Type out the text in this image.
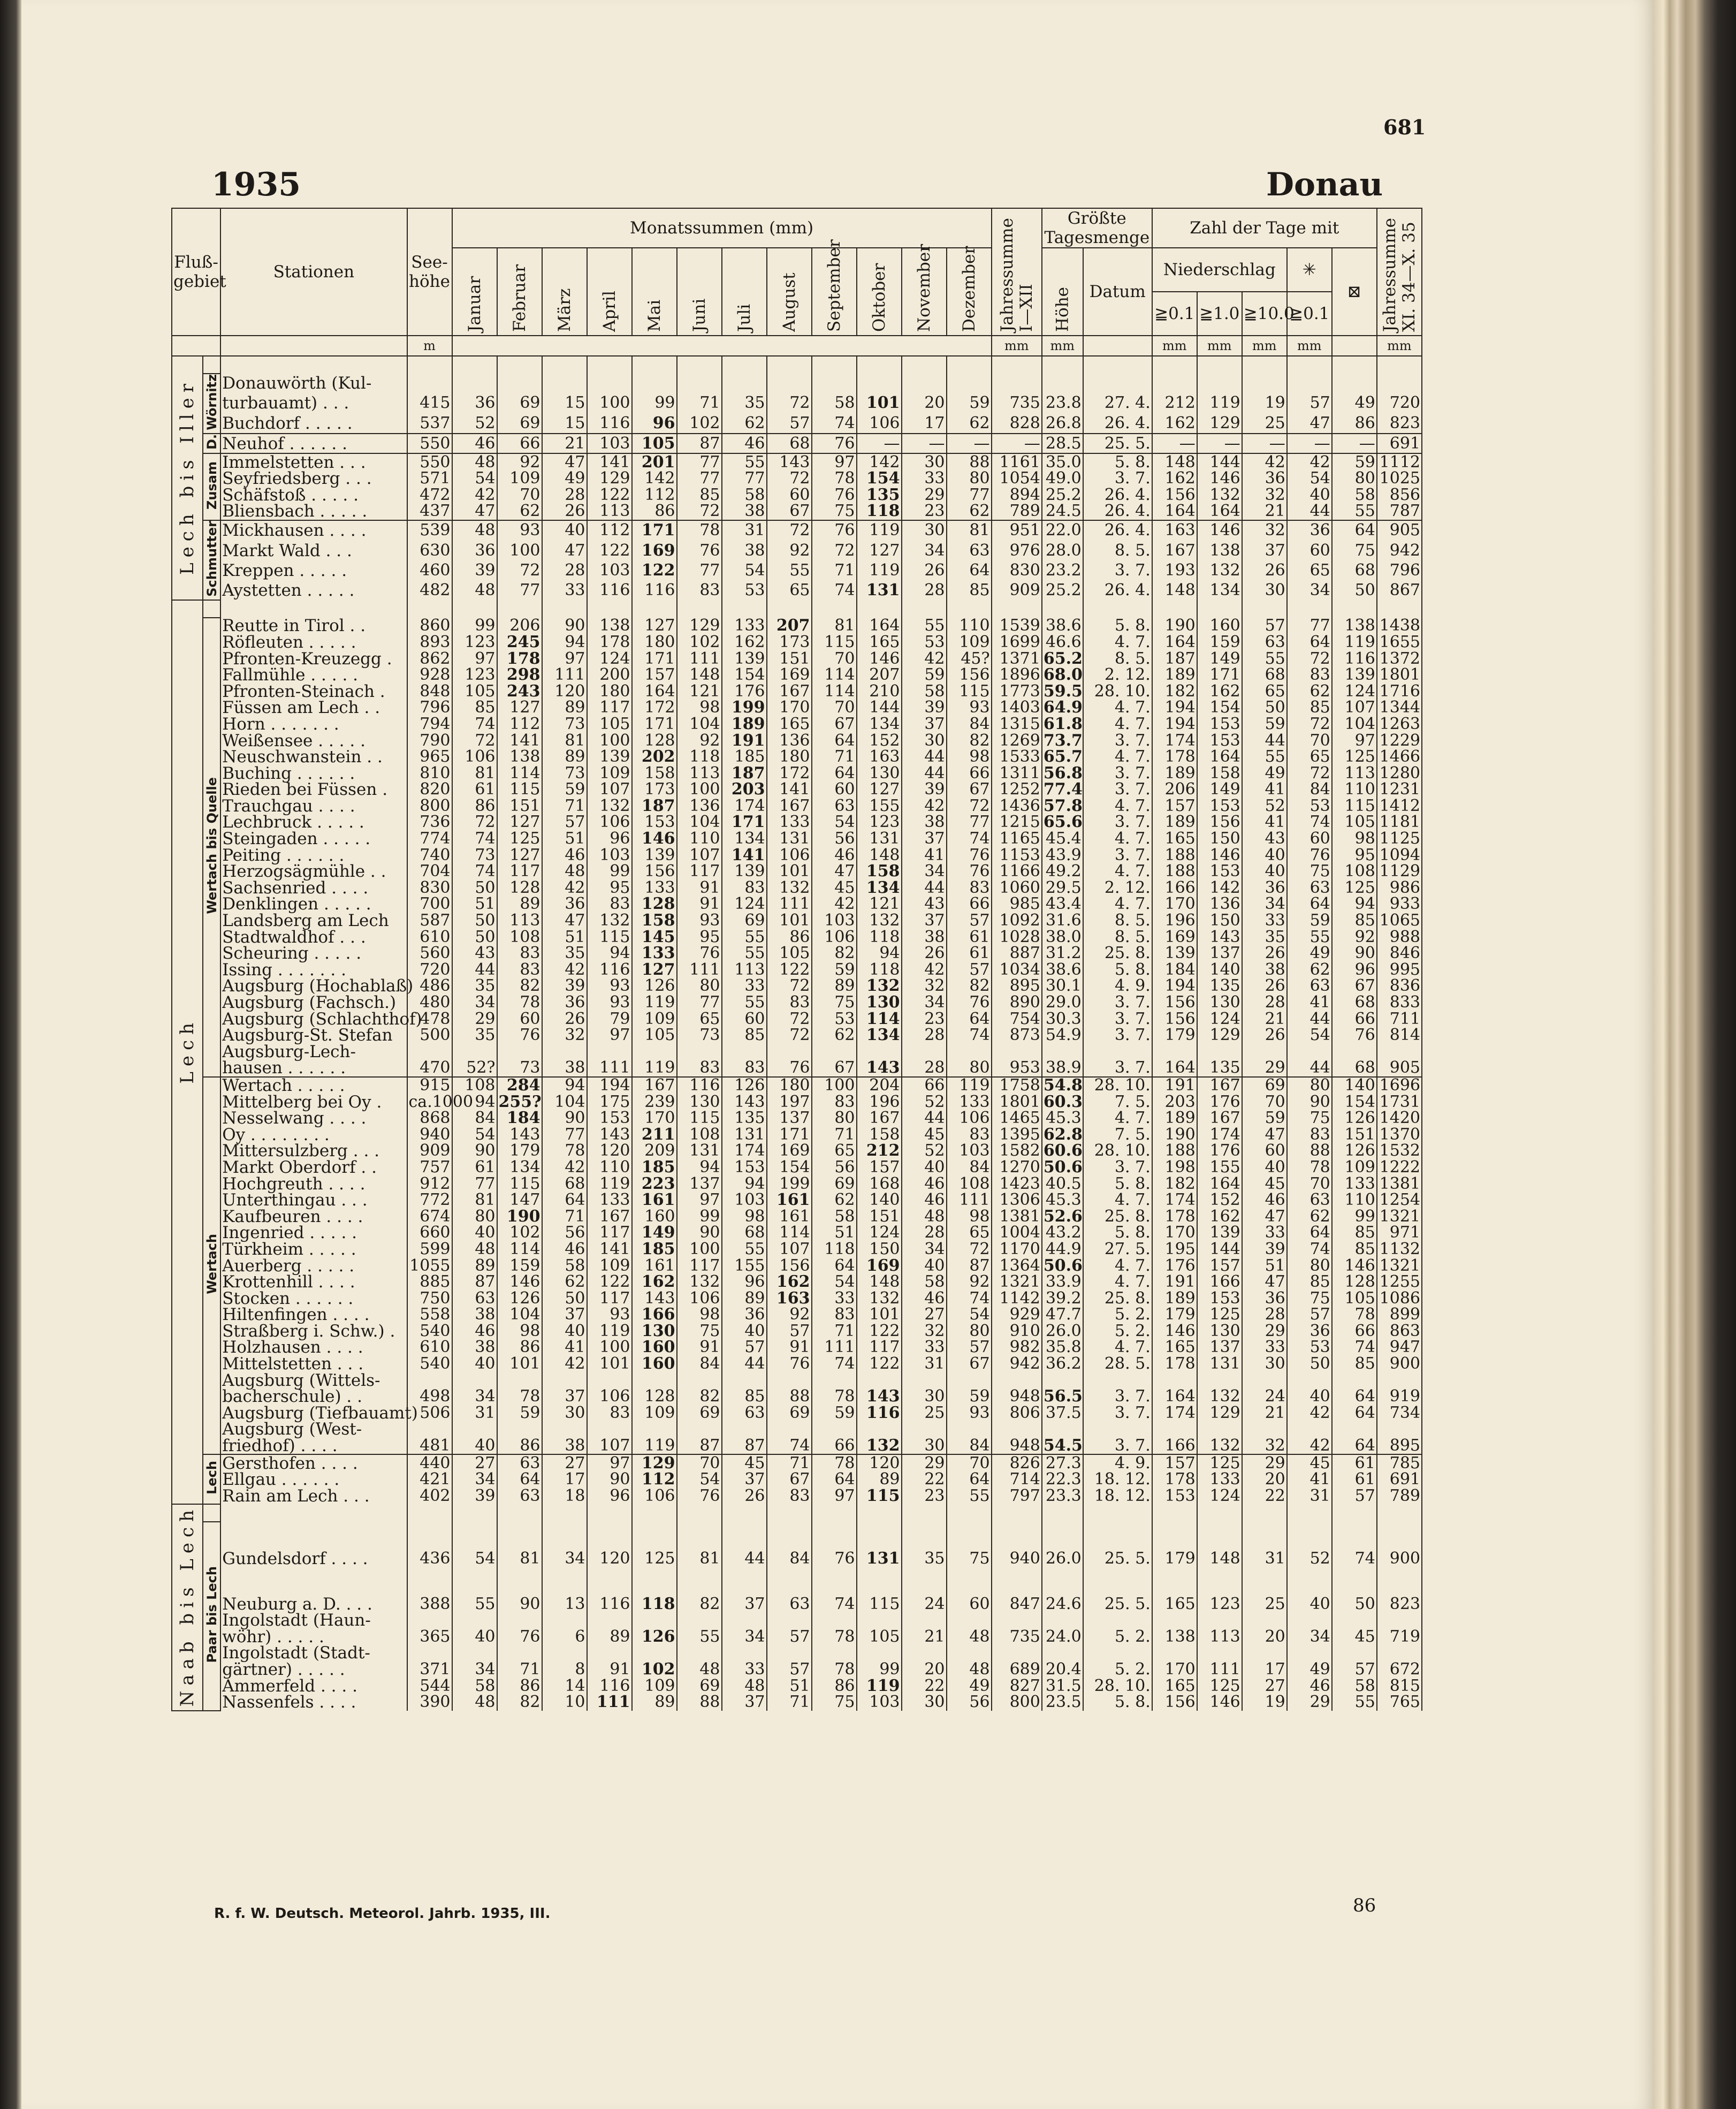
681
1935	Donau
Fluß-
gebiet		Stationen	See-
höhe	Monatssummen (mm)												Jahressumme I—XII	Größte Tagesmenge		Zahl der Tage mit					Jahressumme XI. 34—X. 35
				Januar	Februar	März	April	Mai	Juni	Juli	August	September	Oktober	November	Dezember		Höhe	Datum	Niederschlag			✳	⊠	
																			≧0.1	≧1.0	≧10.0	≧0.1		
			m													mm	mm		mm	mm	mm	mm		mm
Lech bis Iller																								
	Wörnitz	Donauwörth (Kul-																						
		turbauamt) . . .	415	36	69	15	100	99	71	35	72	58	101	20	59	735	23.8	27. 4.	212	119	19	57	49	720
		Buchdorf . . . . .	537	52	69	15	116	96	102	62	57	74	106	17	62	828	26.8	26. 4.	162	129	25	47	86	823
	D.	Neuhof . . . . . .	550	46	66	21	103	105	87	46	68	76	—	—	—	—	28.5	25. 5.	—	—	—	—	—	691
	Zusam	Immelstetten . . .	550	48	92	47	141	201	77	55	143	97	142	30	88	1161	35.0	5. 8.	148	144	42	42	59	1112
		Seyfriedsberg . . .	571	54	109	49	129	142	77	77	72	78	154	33	80	1054	49.0	3. 7.	162	146	36	54	80	1025
		Schäfstoß . . . . .	472	42	70	28	122	112	85	58	60	76	135	29	77	894	25.2	26. 4.	156	132	32	40	58	856
		Bliensbach . . . . .	437	47	62	26	113	86	72	38	67	75	118	23	62	789	24.5	26. 4.	164	164	21	44	55	787
	Schmutter	Mickhausen . . . .	539	48	93	40	112	171	78	31	72	76	119	30	81	951	22.0	26. 4.	163	146	32	36	64	905
		Markt Wald . . .	630	36	100	47	122	169	76	38	92	72	127	34	63	976	28.0	8. 5.	167	138	37	60	75	942
		Kreppen . . . . .	460	39	72	28	103	122	77	54	55	71	119	26	64	830	23.2	3. 7.	193	132	26	65	68	796
		Aystetten . . . . .	482	48	77	33	116	116	83	53	65	74	131	28	85	909	25.2	26. 4.	148	134	30	34	50	867
Lech																								
	Wertach bis Quelle	Reutte in Tirol . .	860	99	206	90	138	127	129	133	207	81	164	55	110	1539	38.6	5. 8.	190	160	57	77	138	1438
		Röfleuten . . . . .	893	123	245	94	178	180	102	162	173	115	165	53	109	1699	46.6	4. 7.	164	159	63	64	119	1655
		Pfronten-Kreuzegg .	862	97	178	97	124	171	111	139	151	70	146	42	45?	1371	65.2	8. 5.	187	149	55	72	116	1372
		Fallmühle . . . . .	928	123	298	111	200	157	148	154	169	114	207	59	156	1896	68.0	2. 12.	189	171	68	83	139	1801
		Pfronten-Steinach .	848	105	243	120	180	164	121	176	167	114	210	58	115	1773	59.5	28. 10.	182	162	65	62	124	1716
		Füssen am Lech . .	796	85	127	89	117	172	98	199	170	70	144	39	93	1403	64.9	4. 7.	194	154	50	85	107	1344
		Horn . . . . . . .	794	74	112	73	105	171	104	189	165	67	134	37	84	1315	61.8	4. 7.	194	153	59	72	104	1263
		Weißensee . . . . .	790	72	141	81	100	128	92	191	136	64	152	30	82	1269	73.7	3. 7.	174	153	44	70	97	1229
		Neuschwanstein . .	965	106	138	89	139	202	118	185	180	71	163	44	98	1533	65.7	4. 7.	178	164	55	65	125	1466
		Buching . . . . . .	810	81	114	73	109	158	113	187	172	64	130	44	66	1311	56.8	3. 7.	189	158	49	72	113	1280
		Rieden bei Füssen .	820	61	115	59	107	173	100	203	141	60	127	39	67	1252	77.4	3. 7.	206	149	41	84	110	1231
		Trauchgau . . . .	800	86	151	71	132	187	136	174	167	63	155	42	72	1436	57.8	4. 7.	157	153	52	53	115	1412
		Lechbruck . . . . .	736	72	127	57	106	153	104	171	133	54	123	38	77	1215	65.6	3. 7.	189	156	41	74	105	1181
		Steingaden . . . . .	774	74	125	51	96	146	110	134	131	56	131	37	74	1165	45.4	4. 7.	165	150	43	60	98	1125
		Peiting . . . . . .	740	73	127	46	103	139	107	141	106	46	148	41	76	1153	43.9	3. 7.	188	146	40	76	95	1094
		Herzogsägmühle . .	704	74	117	48	99	156	117	139	101	47	158	34	76	1166	49.2	4. 7.	188	153	40	75	108	1129
		Sachsenried . . . .	830	50	128	42	95	133	91	83	132	45	134	44	83	1060	29.5	2. 12.	166	142	36	63	125	986
		Denklingen . . . . .	700	51	89	36	83	128	91	124	111	42	121	43	66	985	43.4	4. 7.	170	136	34	64	94	933
		Landsberg am Lech	587	50	113	47	132	158	93	69	101	103	132	37	57	1092	31.6	8. 5.	196	150	33	59	85	1065
		Stadtwaldhof . . .	610	50	108	51	115	145	95	55	86	106	118	38	61	1028	38.0	8. 5.	169	143	35	55	92	988
		Scheuring . . . . .	560	43	83	35	94	133	76	55	105	82	94	26	61	887	31.2	25. 8.	139	137	26	49	90	846
		Issing . . . . . . .	720	44	83	42	116	127	111	113	122	59	118	42	57	1034	38.6	5. 8.	184	140	38	62	96	995
		Augsburg (Hochablaß)	486	35	82	39	93	126	80	33	72	89	132	32	82	895	30.1	4. 9.	194	135	26	63	67	836
		Augsburg (Fachsch.)	480	34	78	36	93	119	77	55	83	75	130	34	76	890	29.0	3. 7.	156	130	28	41	68	833
		Augsburg (Schlachthof)	478	29	60	26	79	109	65	60	72	53	114	23	64	754	30.3	3. 7.	156	124	21	44	66	711
		Augsburg-St. Stefan	500	35	76	32	97	105	73	85	72	62	134	28	74	873	54.9	3. 7.	179	129	26	54	76	814
		Augsburg-Lech-																						
		hausen . . . . . .	470	52?	73	38	111	119	83	83	76	67	143	28	80	953	38.9	3. 7.	164	135	29	44	68	905
	Wertach	Wertach . . . . .	915	108	284	94	194	167	116	126	180	100	204	66	119	1758	54.8	28. 10.	191	167	69	80	140	1696
		Mittelberg bei Oy .	ca.1000	94	255?	104	175	239	130	143	197	83	196	52	133	1801	60.3	7. 5.	203	176	70	90	154	1731
		Nesselwang . . . .	868	84	184	90	153	170	115	135	137	80	167	44	106	1465	45.3	4. 7.	189	167	59	75	126	1420
		Oy . . . . . . . .	940	54	143	77	143	211	108	131	171	71	158	45	83	1395	62.8	7. 5.	190	174	47	83	151	1370
		Mittersulzberg . . .	909	90	179	78	120	209	131	174	169	65	212	52	103	1582	60.6	28. 10.	188	176	60	88	126	1532
		Markt Oberdorf . .	757	61	134	42	110	185	94	153	154	56	157	40	84	1270	50.6	3. 7.	198	155	40	78	109	1222
		Hochgreuth . . . .	912	77	115	68	119	223	137	94	199	69	168	46	108	1423	40.5	5. 8.	182	164	45	70	133	1381
		Unterthingau . . .	772	81	147	64	133	161	97	103	161	62	140	46	111	1306	45.3	4. 7.	174	152	46	63	110	1254
		Kaufbeuren . . . .	674	80	190	71	167	160	99	98	161	58	151	48	98	1381	52.6	25. 8.	178	162	47	62	99	1321
		Ingenried . . . . .	660	40	102	56	117	149	90	68	114	51	124	28	65	1004	43.2	5. 8.	170	139	33	64	85	971
		Türkheim . . . . .	599	48	114	46	141	185	100	55	107	118	150	34	72	1170	44.9	27. 5.	195	144	39	74	85	1132
		Auerberg . . . . .	1055	89	159	58	109	161	117	155	156	64	169	40	87	1364	50.6	4. 7.	176	157	51	80	146	1321
		Krottenhill . . . .	885	87	146	62	122	162	132	96	162	54	148	58	92	1321	33.9	4. 7.	191	166	47	85	128	1255
		Stocken . . . . . .	750	63	126	50	117	143	106	89	163	33	132	46	74	1142	39.2	25. 8.	189	153	36	75	105	1086
		Hiltenfingen . . . .	558	38	104	37	93	166	98	36	92	83	101	27	54	929	47.7	5. 2.	179	125	28	57	78	899
		Straßberg i. Schw.) .	540	46	98	40	119	130	75	40	57	71	122	32	80	910	26.0	5. 2.	146	130	29	36	66	863
		Holzhausen . . . .	610	38	86	41	100	160	91	57	91	111	117	33	57	982	35.8	4. 7.	165	137	33	53	74	947
		Mittelstetten . . .	540	40	101	42	101	160	84	44	76	74	122	31	67	942	36.2	28. 5.	178	131	30	50	85	900
		Augsburg (Wittels-																						
		bacherschule) . .	498	34	78	37	106	128	82	85	88	78	143	30	59	948	56.5	3. 7.	164	132	24	40	64	919
		Augsburg (Tiefbauamt)	506	31	59	30	83	109	69	63	69	59	116	25	93	806	37.5	3. 7.	174	129	21	42	64	734
		Augsburg (West-																						
		friedhof) . . . .	481	40	86	38	107	119	87	87	74	66	132	30	84	948	54.5	3. 7.	166	132	32	42	64	895
	Lech	Gersthofen . . . .	440	27	63	27	97	129	70	45	71	78	120	29	70	826	27.3	4. 9.	157	125	29	45	61	785
		Ellgau . . . . . .	421	34	64	17	90	112	54	37	67	64	89	22	64	714	22.3	18. 12.	178	133	20	41	61	691
		Rain am Lech . . .	402	39	63	18	96	106	76	26	83	97	115	23	55	797	23.3	18. 12.	153	124	22	31	57	789
Naab bis Lech																								
	Paar bis Lech	Gundelsdorf . . . .	436	54	81	34	120	125	81	44	84	76	131	35	75	940	26.0	25. 5.	179	148	31	52	74	900
		Neuburg a. D. . . .	388	55	90	13	116	118	82	37	63	74	115	24	60	847	24.6	25. 5.	165	123	25	40	50	823
		Ingolstadt (Haun-																						
		wöhr) . . . . .	365	40	76	6	89	126	55	34	57	78	105	21	48	735	24.0	5. 2.	138	113	20	34	45	719
		Ingolstadt (Stadt-																						
		gärtner) . . . . .	371	34	71	8	91	102	48	33	57	78	99	20	48	689	20.4	5. 2.	170	111	17	49	57	672
		Ammerfeld . . . .	544	58	86	14	116	109	69	48	51	86	119	22	49	827	31.5	28. 10.	165	125	27	46	58	815
		Nassenfels . . . .	390	48	82	10	111	89	88	37	71	75	103	30	56	800	23.5	5. 8.	156	146	19	29	55	765
R. f. W. Deutsch. Meteorol. Jahrb. 1935, III.	86
